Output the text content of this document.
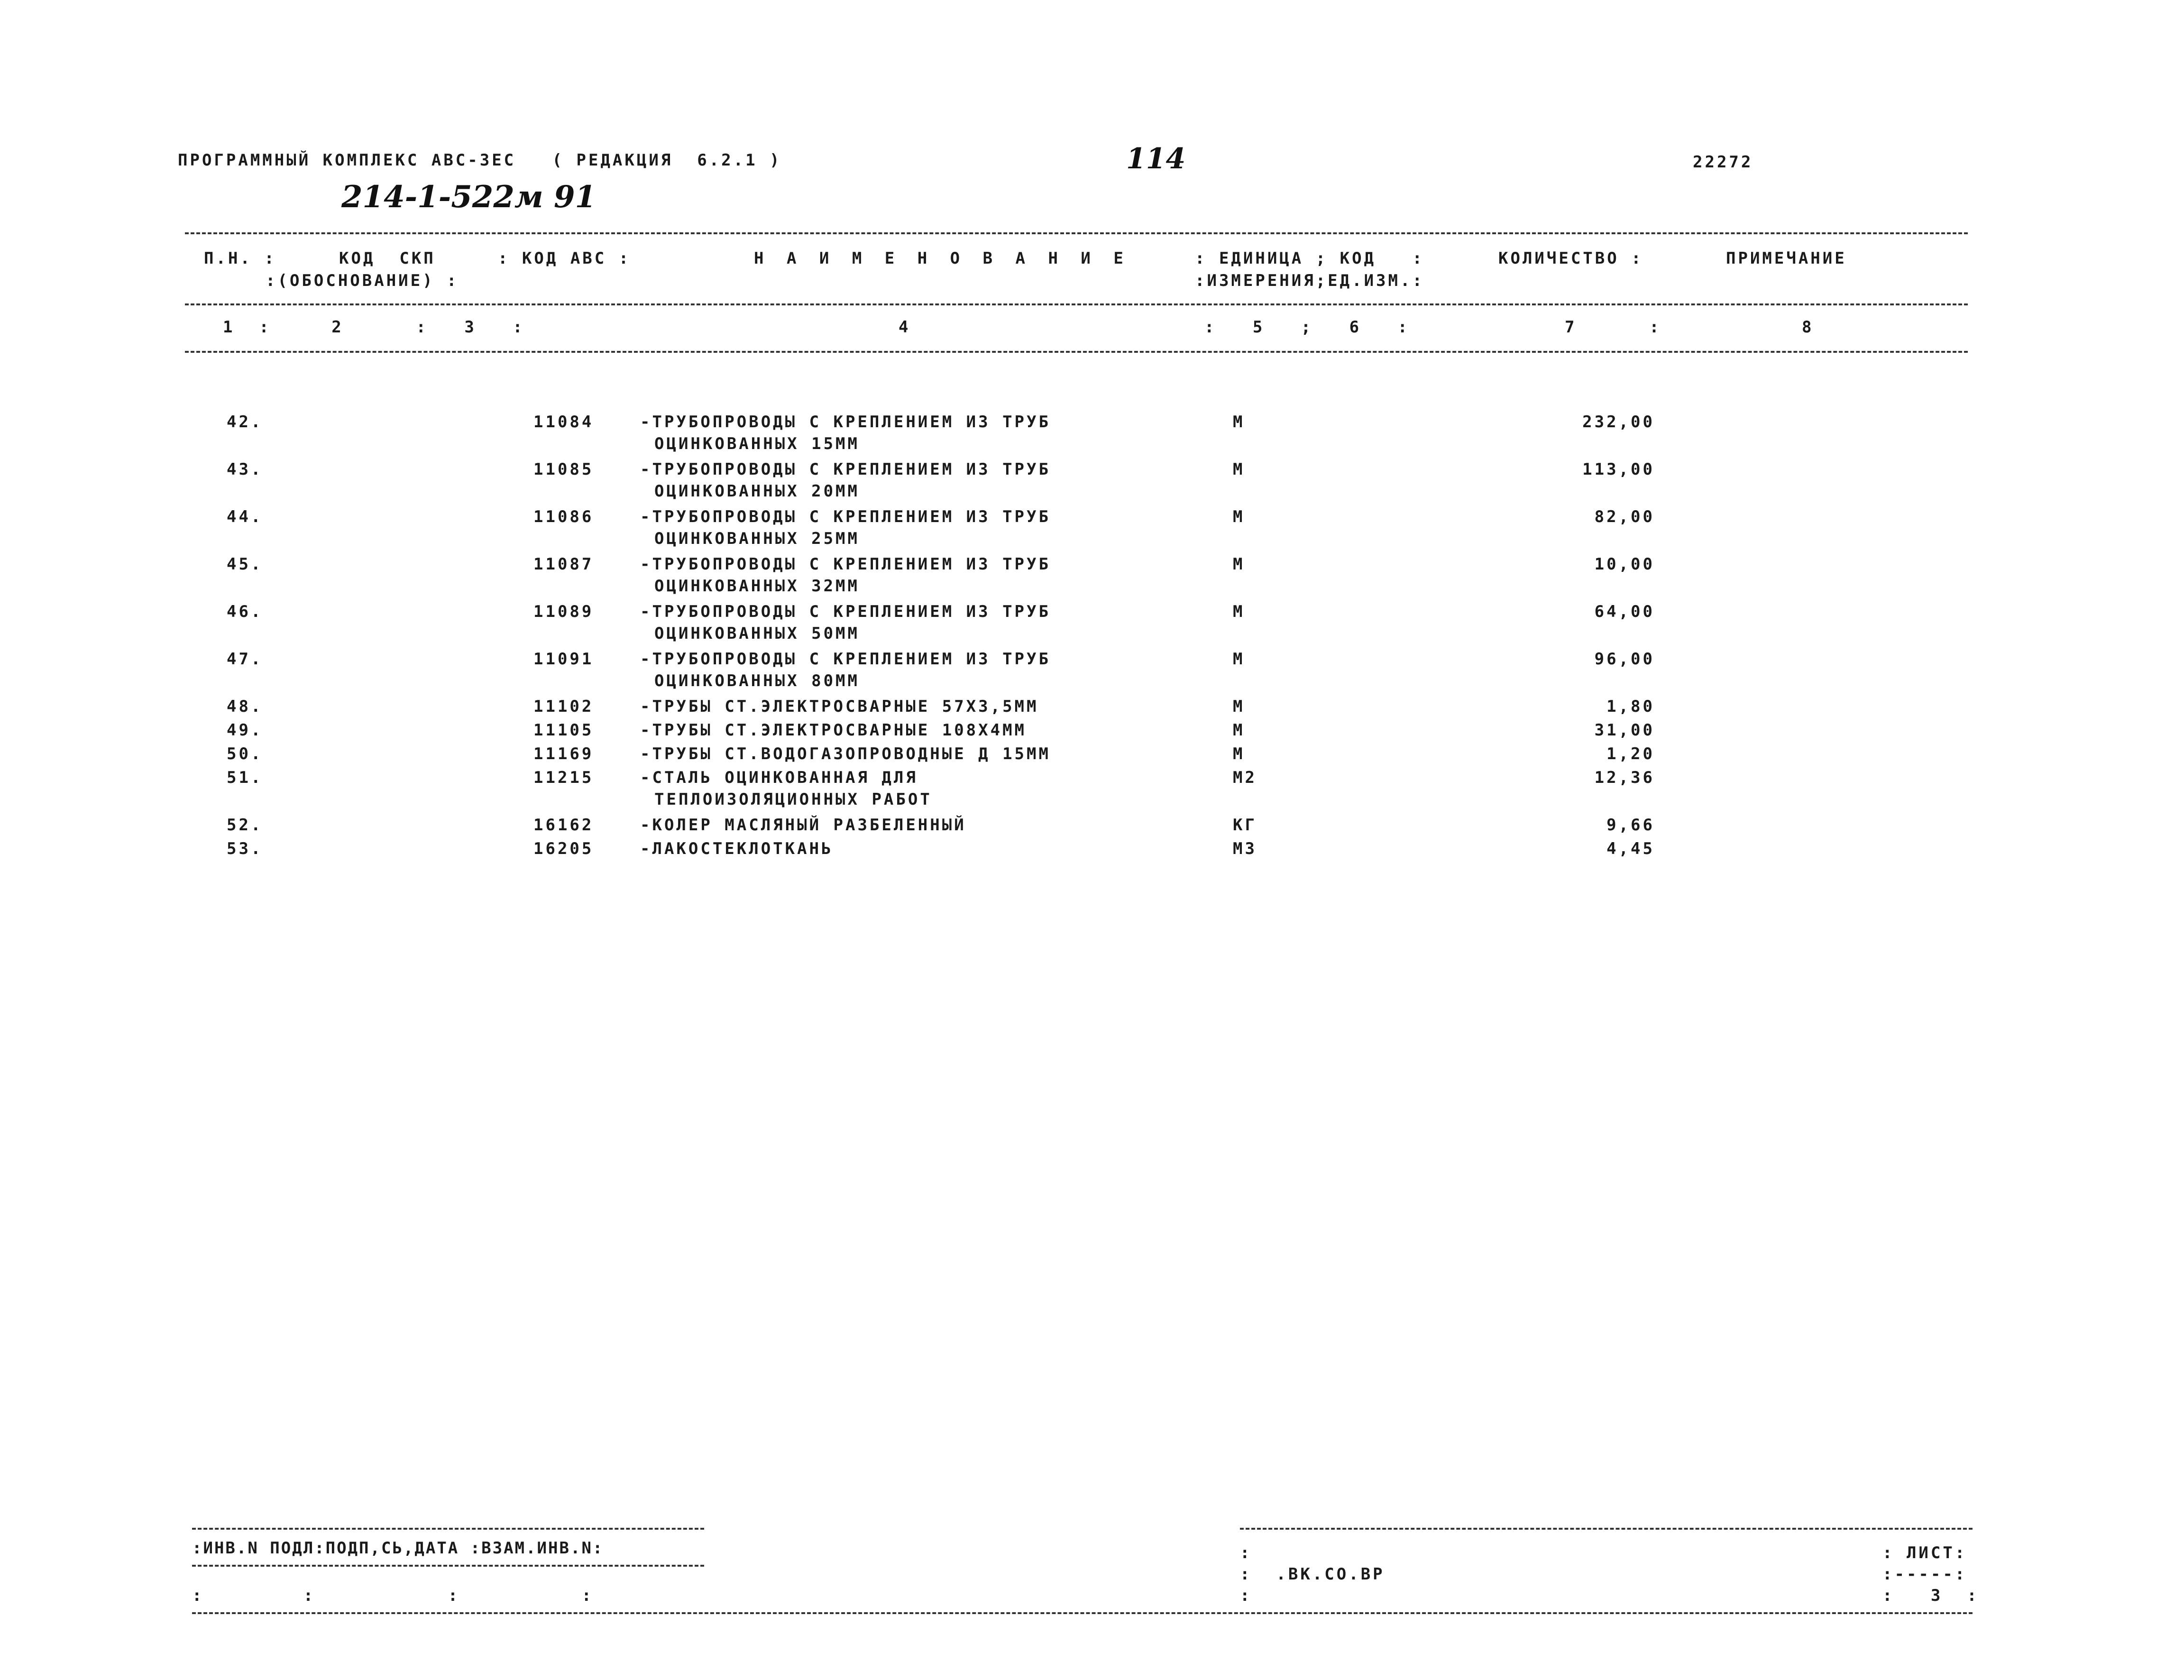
ПРОГРАММНЫЙ КОМПЛЕКС АВС-3ЕС   ( РЕДАКЦИЯ  6.2.1 )	114	22272
214-1-522м 91
П.Н. :	КОД  СКП
:(ОБОСНОВАНИЕ) :
: КОД АВС :	Н А И М Е Н О В А Н И Е	: ЕДИНИЦА ; КОД   :
:ИЗМЕРЕНИЯ;ЕД.ИЗМ.:
КОЛИЧЕСТВО :	ПРИМЕЧАНИЕ
1  :     2      :   3   :	4	:   5   ;   6   :	7      :	8
42.	11084	-ТРУБОПРОВОДЫ С КРЕПЛЕНИЕМ ИЗ ТРУБ	М	232,00
ОЦИНКОВАННЫХ 15ММ
43.	11085	-ТРУБОПРОВОДЫ С КРЕПЛЕНИЕМ ИЗ ТРУБ	М	113,00
ОЦИНКОВАННЫХ 20ММ
44.	11086	-ТРУБОПРОВОДЫ С КРЕПЛЕНИЕМ ИЗ ТРУБ	М	82,00
ОЦИНКОВАННЫХ 25ММ
45.	11087	-ТРУБОПРОВОДЫ С КРЕПЛЕНИЕМ ИЗ ТРУБ	М	10,00
ОЦИНКОВАННЫХ 32ММ
46.	11089	-ТРУБОПРОВОДЫ С КРЕПЛЕНИЕМ ИЗ ТРУБ	М	64,00
ОЦИНКОВАННЫХ 50ММ
47.	11091	-ТРУБОПРОВОДЫ С КРЕПЛЕНИЕМ ИЗ ТРУБ	М	96,00
ОЦИНКОВАННЫХ 80ММ
48.	11102	-ТРУБЫ СТ.ЭЛЕКТРОСВАРНЫЕ 57Х3,5ММ	М	1,80
49.	11105	-ТРУБЫ СТ.ЭЛЕКТРОСВАРНЫЕ 108Х4ММ	М	31,00
50.	11169	-ТРУБЫ СТ.ВОДОГАЗОПРОВОДНЫЕ Д 15ММ	М	1,20
51.	11215	-СТАЛЬ ОЦИНКОВАННАЯ ДЛЯ	М2	12,36
ТЕПЛОИЗОЛЯЦИОННЫХ РАБОТ
52.	16162	-КОЛЕР МАСЛЯНЫЙ РАЗБЕЛЕННЫЙ	КГ	9,66
53.	16205	-ЛАКОСТЕКЛОТКАНЬ	М3	4,45
:ИНВ.N ПОДЛ:ПОДП,СЬ,ДАТА :ВЗАМ.ИНВ.N:
:         :            :           :
:
:  .ВК.СО.ВР
:
: ЛИСТ:
:-----:
:   3  :
